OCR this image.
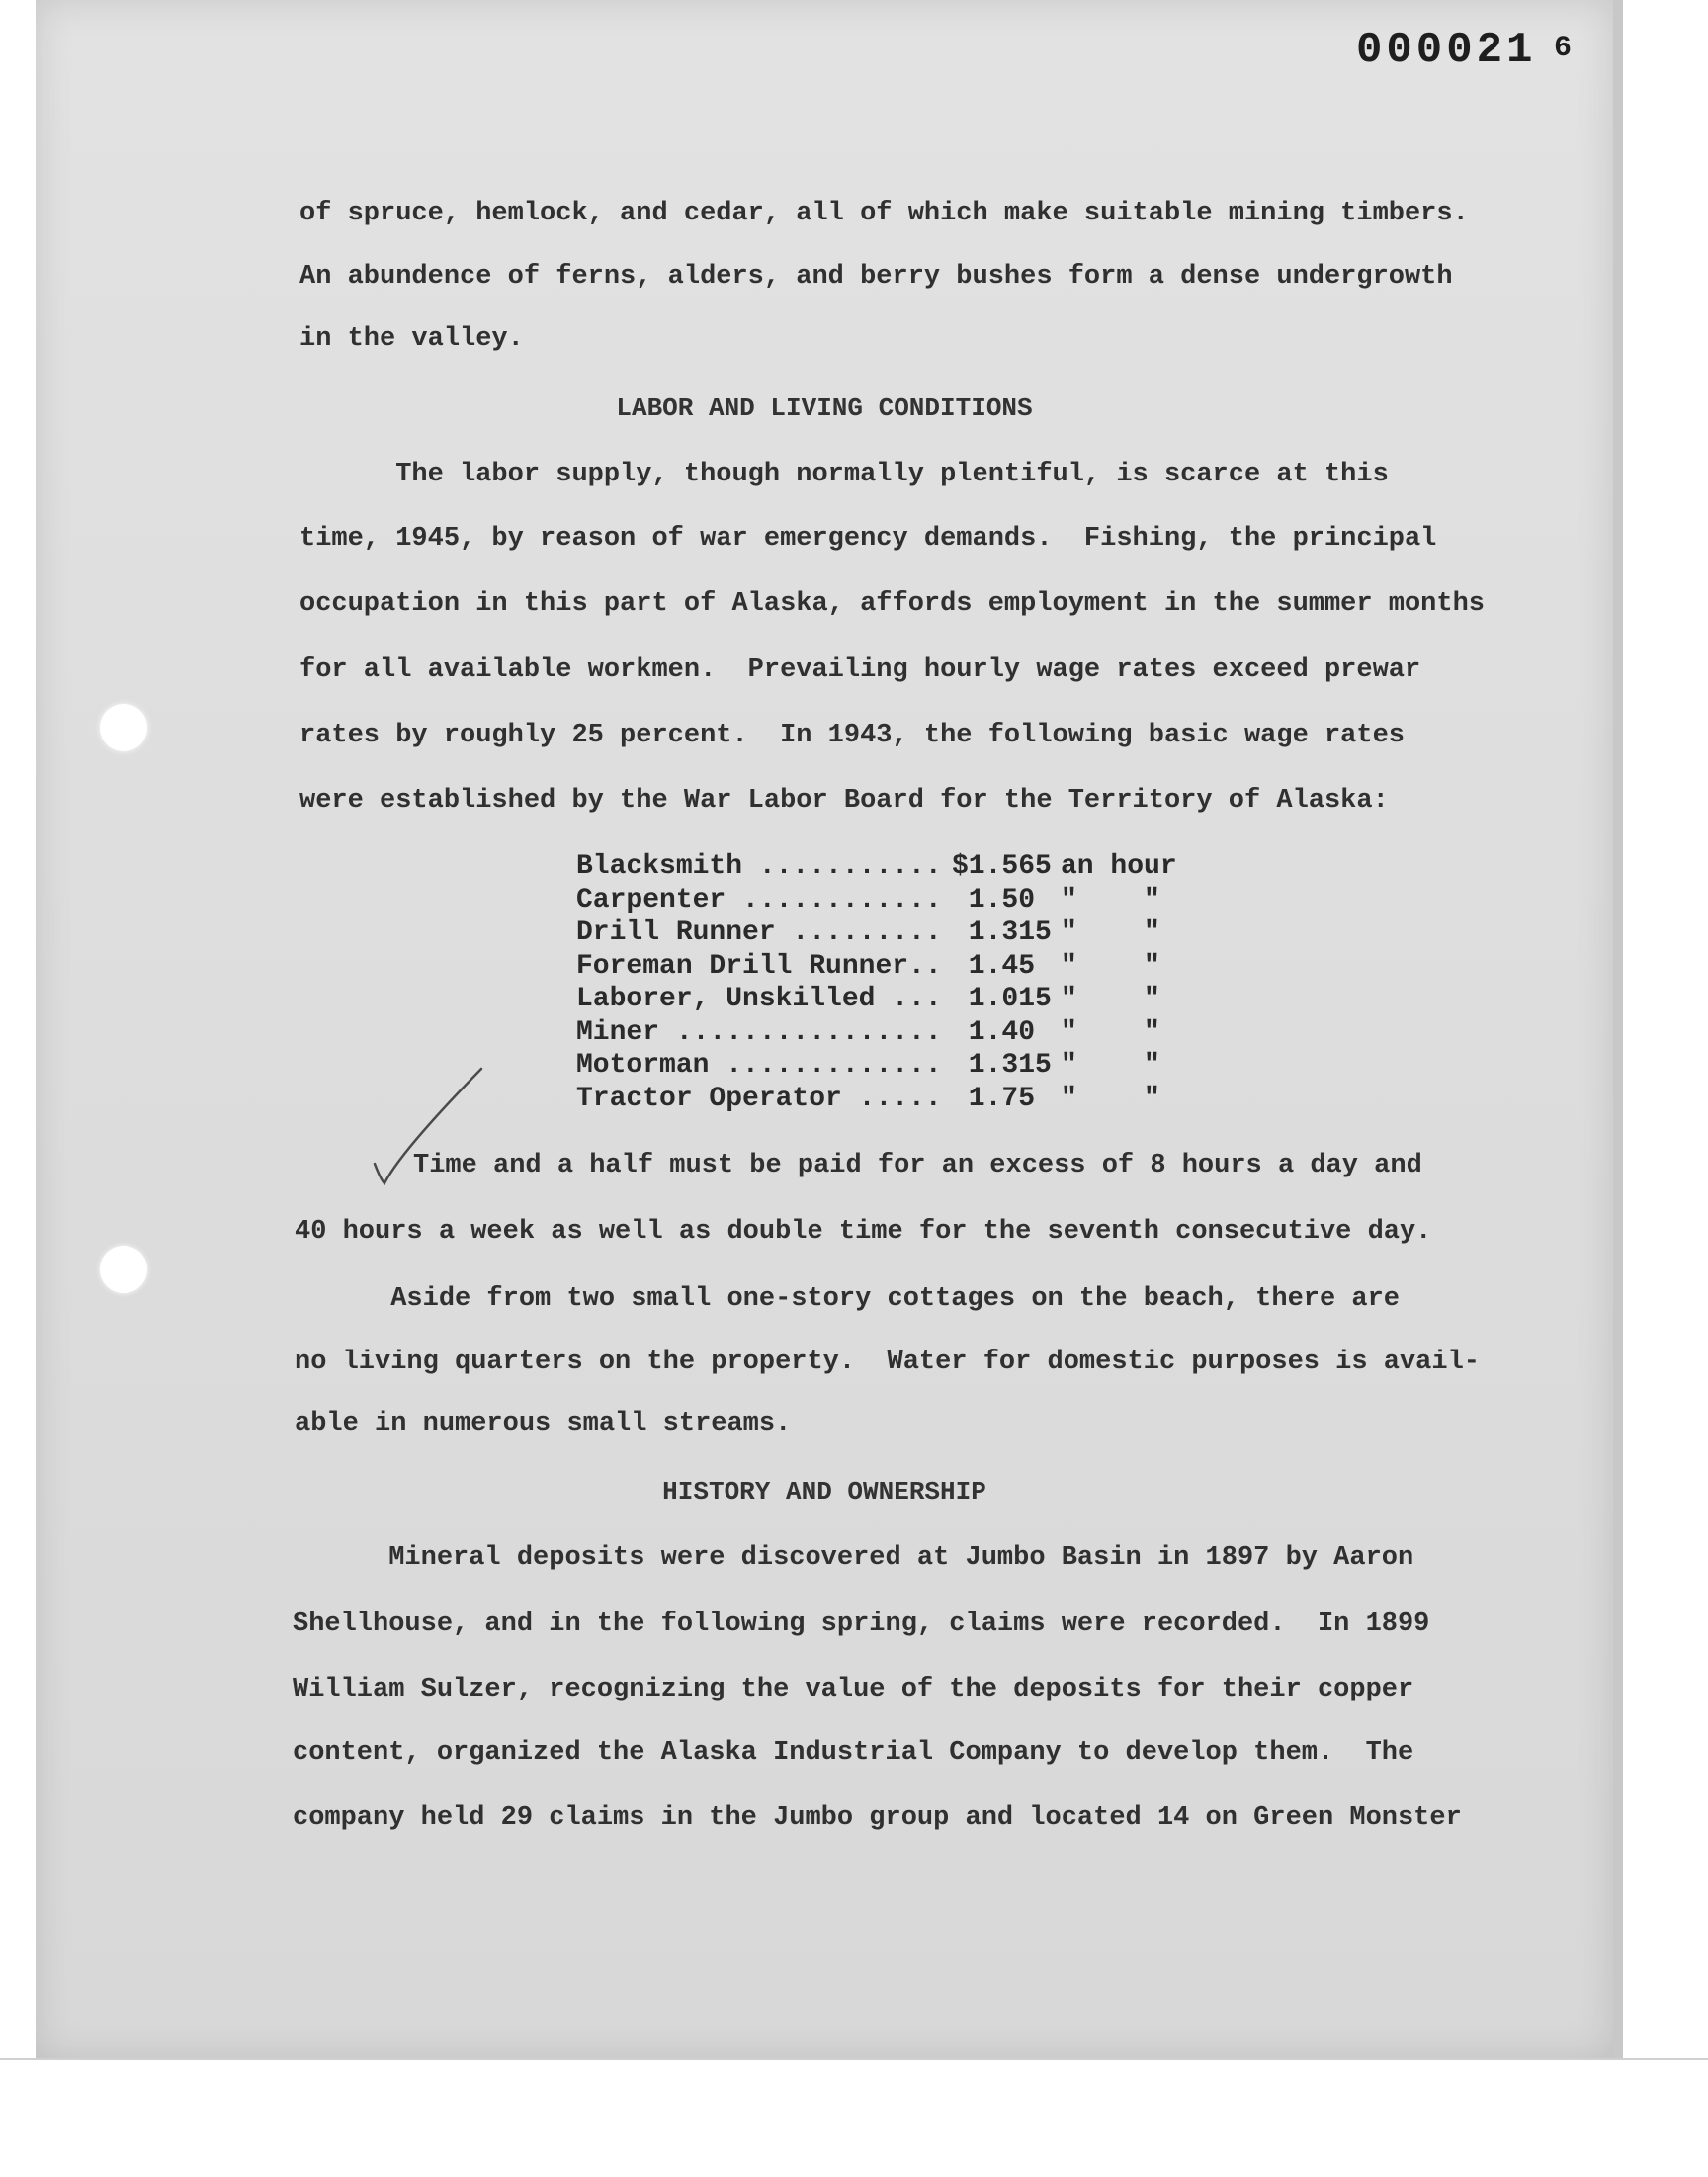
000021 6
of spruce, hemlock, and cedar, all of which make suitable mining timbers.
An abundence of ferns, alders, and berry bushes form a dense undergrowth
in the valley.
LABOR AND LIVING CONDITIONS
The labor supply, though normally plentiful, is scarce at this
time, 1945, by reason of war emergency demands.  Fishing, the principal
occupation in this part of Alaska, affords employment in the summer months
for all available workmen.  Prevailing hourly wage rates exceed prewar
rates by roughly 25 percent.  In 1943, the following basic wage rates
were established by the War Labor Board for the Territory of Alaska:
Blacksmith ........... $1.565 an hour
Carpenter ............ 1.50 "    "
Drill Runner ......... 1.315 "    "
Foreman Drill Runner.. 1.45 "    "
Laborer, Unskilled ... 1.015 "    "
Miner ................ 1.40 "    "
Motorman ............. 1.315 "    "
Tractor Operator ..... 1.75 "    "
Time and a half must be paid for an excess of 8 hours a day and
40 hours a week as well as double time for the seventh consecutive day.
Aside from two small one-story cottages on the beach, there are
no living quarters on the property.  Water for domestic purposes is avail-
able in numerous small streams.
HISTORY AND OWNERSHIP
Mineral deposits were discovered at Jumbo Basin in 1897 by Aaron
Shellhouse, and in the following spring, claims were recorded.  In 1899
William Sulzer, recognizing the value of the deposits for their copper
content, organized the Alaska Industrial Company to develop them.  The
company held 29 claims in the Jumbo group and located 14 on Green Monster
